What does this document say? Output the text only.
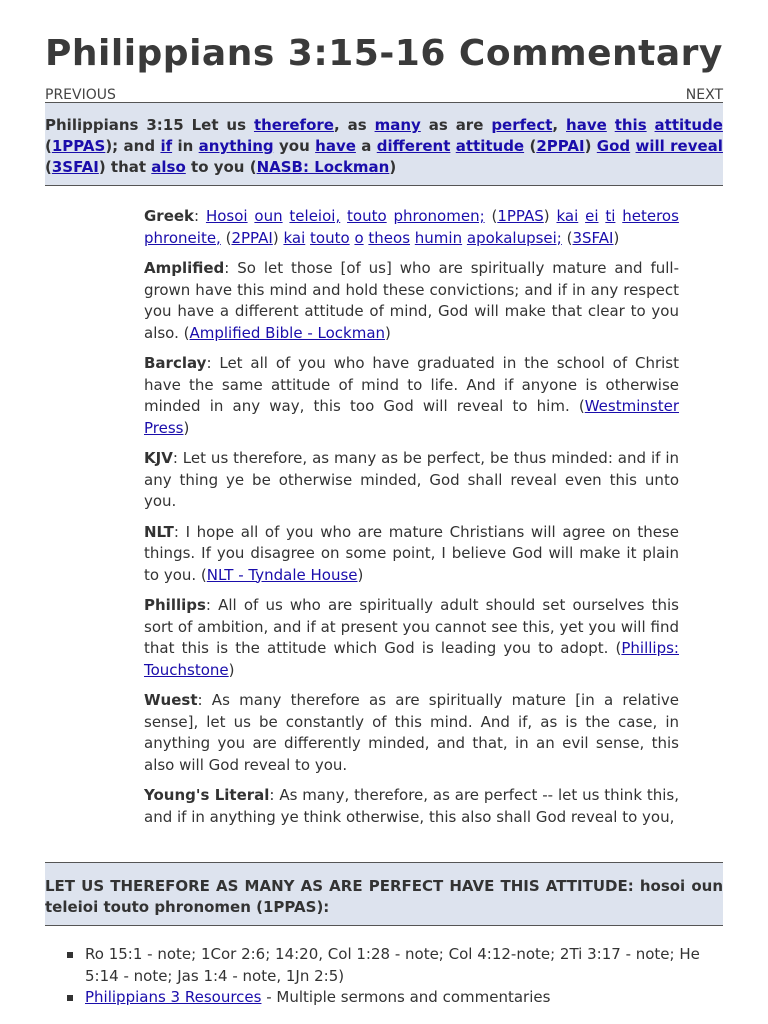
Philippians 3:15-16 Commentary
PREVIOUS	NEXT
Philippians 3:15 Let us therefore, as many as are perfect, have this attitude (1PPAS); and if in anything you have a different attitude (2PPAI) God will reveal (3SFAI) that also to you (NASB: Lockman)

Greek: Hosoi oun teleioi, touto phronomen; (1PPAS) kai ei ti heteros phroneite, (2PPAI) kai touto o theos humin apokalupsei; (3SFAI)

Amplified: So let those [of us] who are spiritually mature and full-grown have this mind and hold these convictions; and if in any respect you have a different attitude of mind, God will make that clear to you also. (Amplified Bible - Lockman)

Barclay: Let all of you who have graduated in the school of Christ have the same attitude of mind to life. And if anyone is otherwise minded in any way, this too God will reveal to him. (Westminster Press)

KJV: Let us therefore, as many as be perfect, be thus minded: and if in any thing ye be otherwise minded, God shall reveal even this unto you.

NLT: I hope all of you who are mature Christians will agree on these things. If you disagree on some point, I believe God will make it plain to you. (NLT - Tyndale House)

Phillips: All of us who are spiritually adult should set ourselves this sort of ambition, and if at present you cannot see this, yet you will find that this is the attitude which God is leading you to adopt. (Phillips: Touchstone)

Wuest: As many therefore as are spiritually mature [in a relative sense], let us be constantly of this mind. And if, as is the case, in anything you are differently minded, and that, in an evil sense, this also will God reveal to you.

Young's Literal: As many, therefore, as are perfect -- let us think this, and if in anything ye think otherwise, this also shall God reveal to you,

LET US THEREFORE AS MANY AS ARE PERFECT HAVE THIS ATTITUDE: hosoi oun teleioi touto phronomen (1PPAS):
Ro 15:1 - note; 1Cor 2:6; 14:20, Col 1:28 - note; Col 4:12-note; 2Ti 3:17 - note; He 5:14 - note; Jas 1:4 - note, 1Jn 2:5)
Philippians 3 Resources - Multiple sermons and commentaries
